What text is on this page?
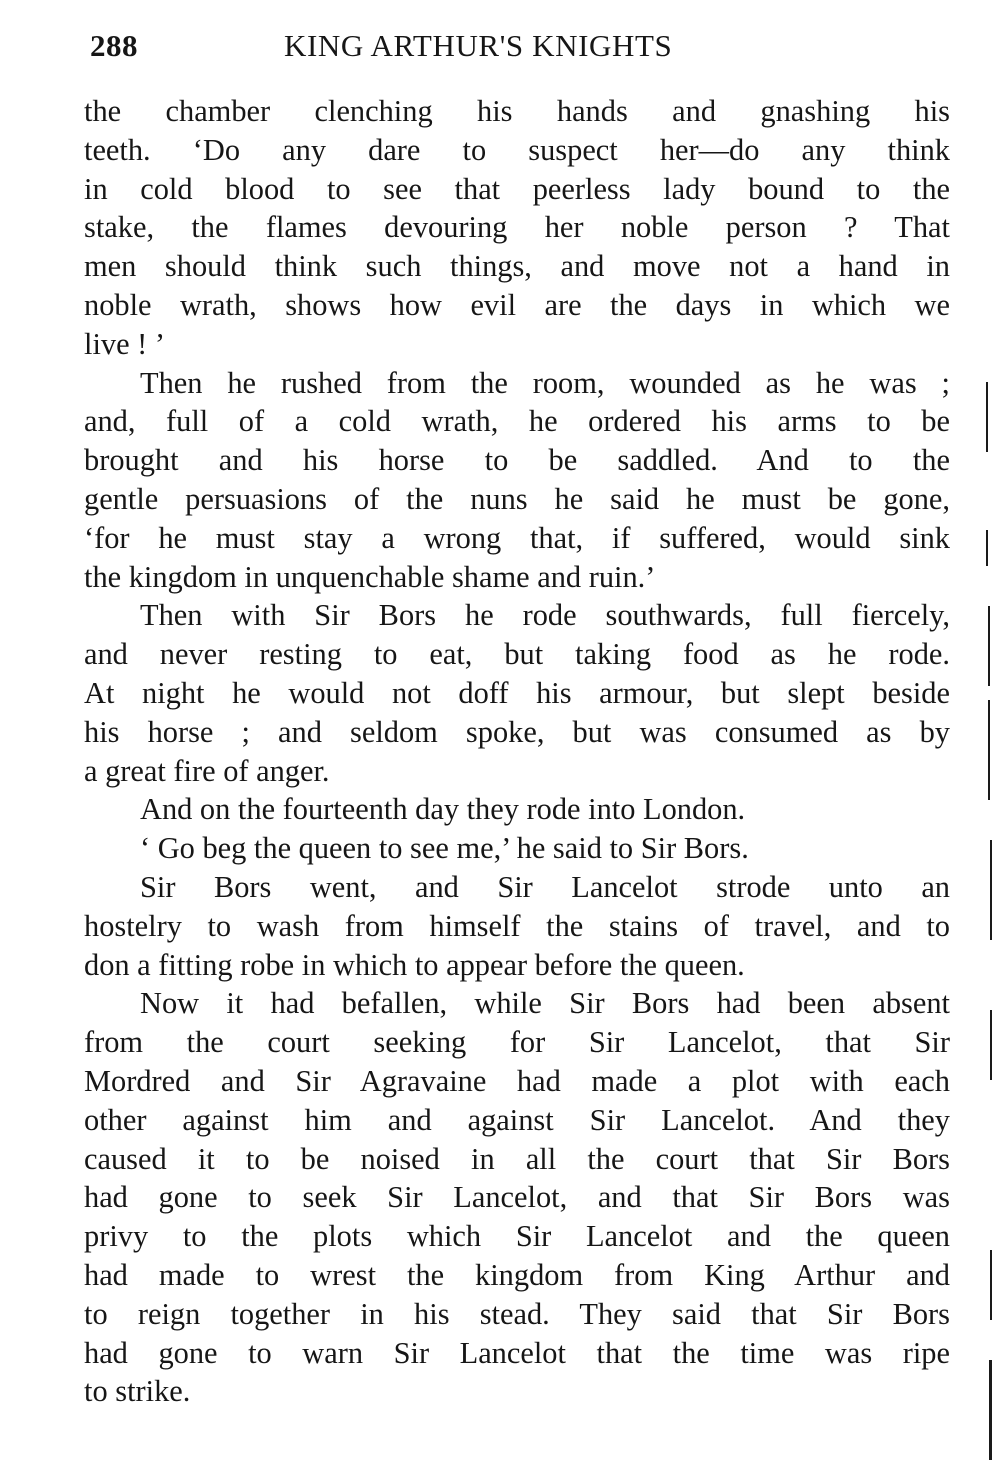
288	KING ARTHUR'S KNIGHTS
the chamber clenching his hands and gnashing his
teeth. ‘Do any dare to suspect her—do any think
in cold blood to see that peerless lady bound to the
stake, the flames devouring her noble person ? That
men should think such things, and move not a hand in
noble wrath, shows how evil are the days in which we
live ! ’
Then he rushed from the room, wounded as he was ;
and, full of a cold wrath, he ordered his arms to be
brought and his horse to be saddled. And to the
gentle persuasions of the nuns he said he must be gone,
‘for he must stay a wrong that, if suffered, would sink
the kingdom in unquenchable shame and ruin.’
Then with Sir Bors he rode southwards, full fiercely,
and never resting to eat, but taking food as he rode.
At night he would not doff his armour, but slept beside
his horse ; and seldom spoke, but was consumed as by
a great fire of anger.
And on the fourteenth day they rode into London.
‘ Go beg the queen to see me,’ he said to Sir Bors.
Sir Bors went, and Sir Lancelot strode unto an
hostelry to wash from himself the stains of travel, and to
don a fitting robe in which to appear before the queen.
Now it had befallen, while Sir Bors had been absent
from the court seeking for Sir Lancelot, that Sir
Mordred and Sir Agravaine had made a plot with each
other against him and against Sir Lancelot. And they
caused it to be noised in all the court that Sir Bors
had gone to seek Sir Lancelot, and that Sir Bors was
privy to the plots which Sir Lancelot and the queen
had made to wrest the kingdom from King Arthur and
to reign together in his stead. They said that Sir Bors
had gone to warn Sir Lancelot that the time was ripe
to strike.
